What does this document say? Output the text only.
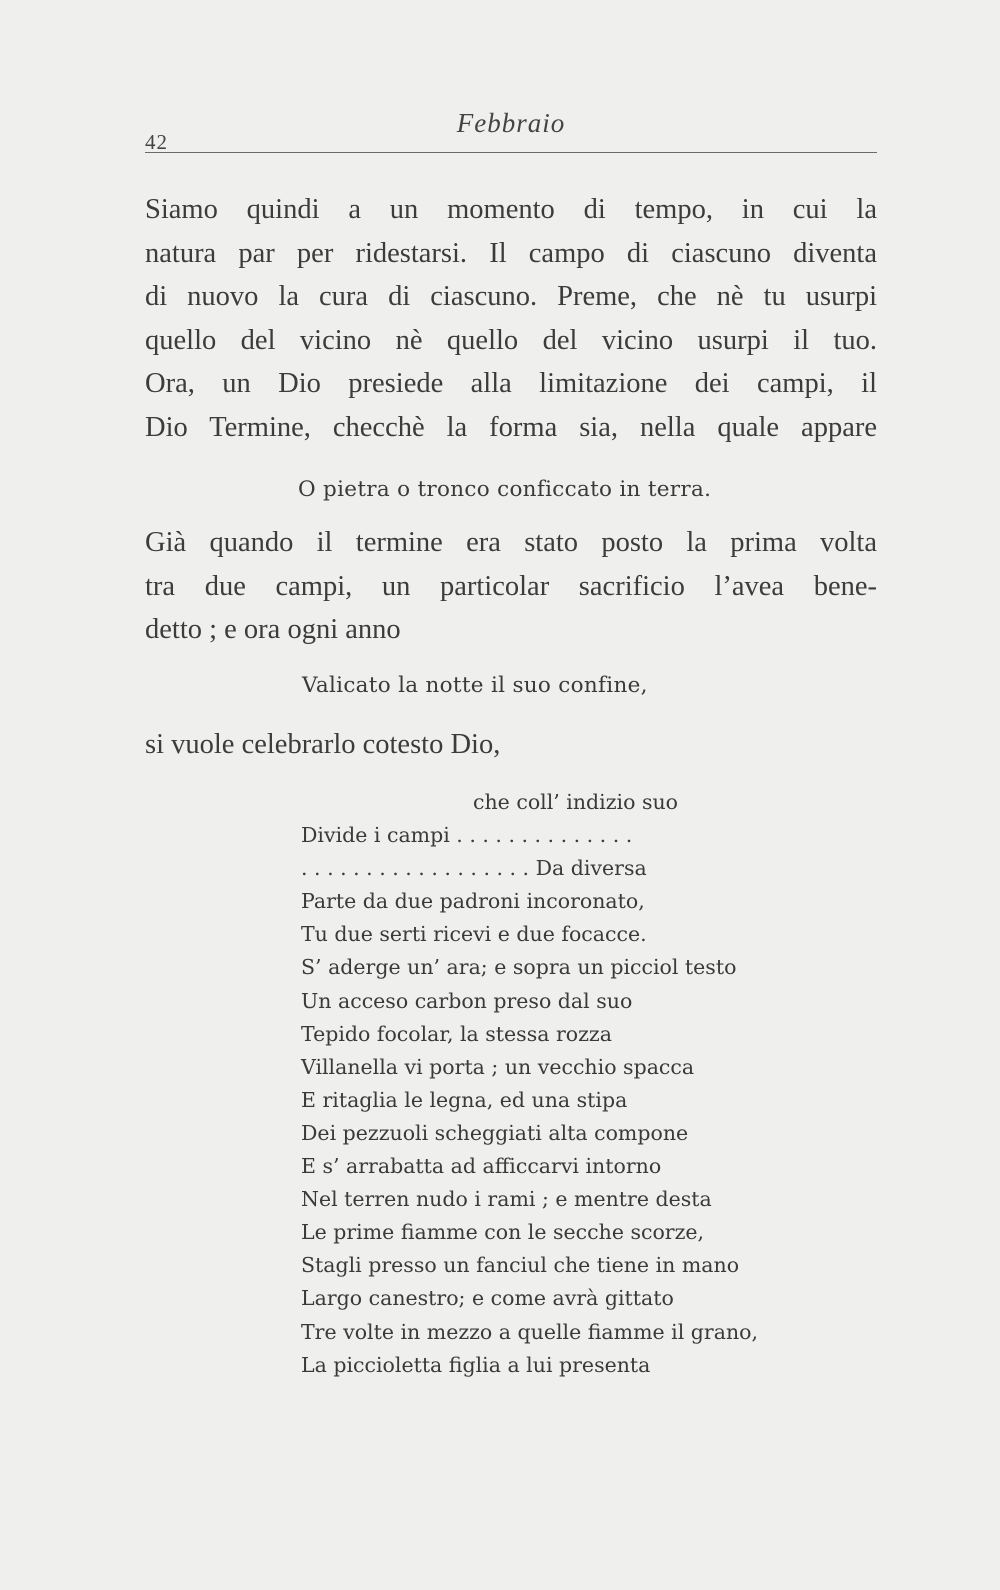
42
Febbraio
Siamo quindi a un momento di tempo, in cui la
natura par per ridestarsi. Il campo di ciascuno diventa
di nuovo la cura di ciascuno. Preme, che nè tu usurpi
quello del vicino nè quello del vicino usurpi il tuo.
Ora, un Dio presiede alla limitazione dei campi, il
Dio Termine, checchè la forma sia, nella quale appare
O pietra o tronco conficcato in terra.
Già quando il termine era stato posto la prima volta
tra due campi, un particolar sacrificio l’avea bene-
detto ; e ora ogni anno
Valicato la notte il suo confine,
si vuole celebrarlo cotesto Dio,
che coll’ indizio suo
Divide i campi . . . . . . . . . . . . . .
. . . . . . . . . . . . . . . . . . Da diversa
Parte da due padroni incoronato,
Tu due serti ricevi e due focacce.
S’ aderge un’ ara; e sopra un picciol testo
Un acceso carbon preso dal suo
Tepido focolar, la stessa rozza
Villanella vi porta ; un vecchio spacca
E ritaglia le legna, ed una stipa
Dei pezzuoli scheggiati alta compone
E s’ arrabatta ad afficcarvi intorno
Nel terren nudo i rami ; e mentre desta
Le prime fiamme con le secche scorze,
Stagli presso un fanciul che tiene in mano
Largo canestro; e come avrà gittato
Tre volte in mezzo a quelle fiamme il grano,
La piccioletta figlia a lui presenta
